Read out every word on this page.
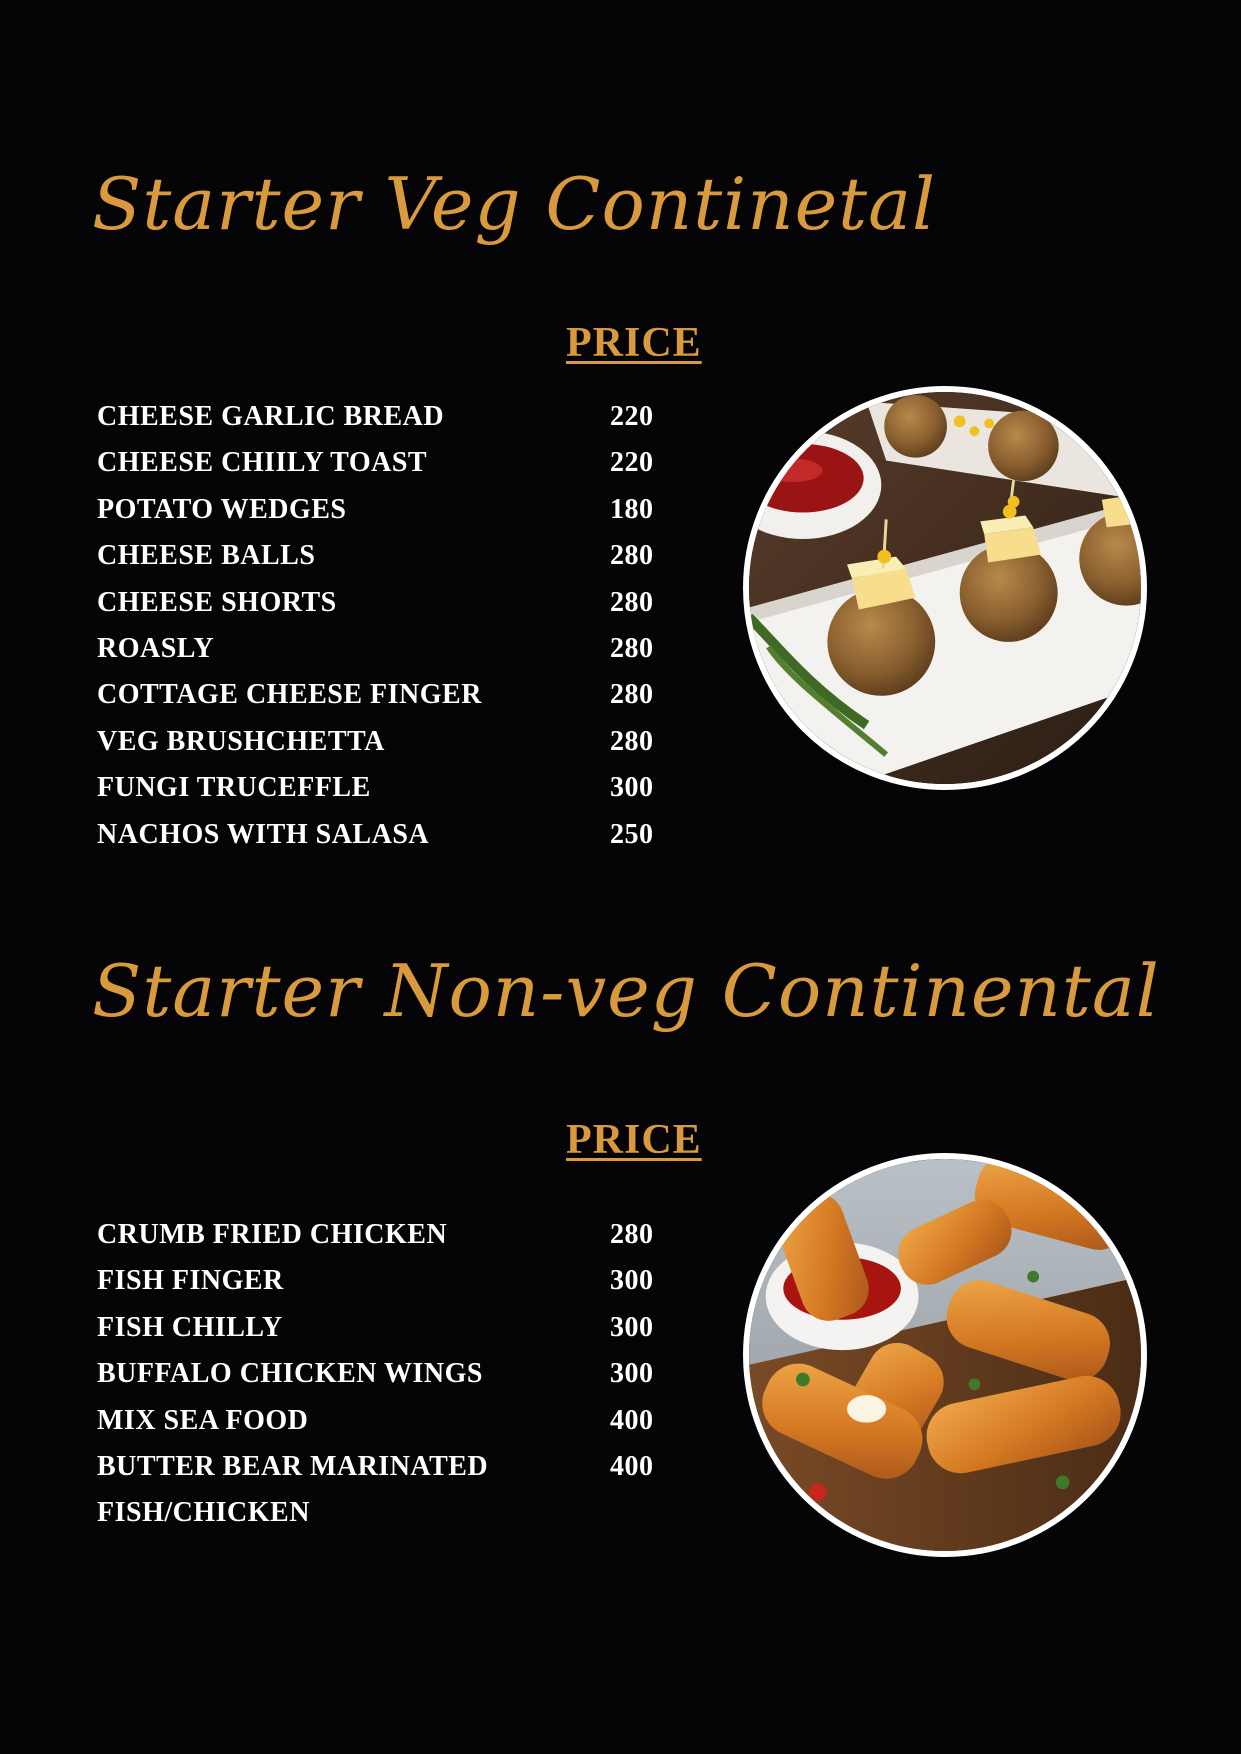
Starter Veg Continetal
PRICE
CHEESE GARLIC BREAD	220
CHEESE CHIILY TOAST	220
POTATO WEDGES	180
CHEESE BALLS	280
CHEESE SHORTS	280
ROASLY	280
COTTAGE CHEESE FINGER	280
VEG BRUSHCHETTA	280
FUNGI TRUCEFFLE	300
NACHOS WITH SALASA	250
Starter Non-veg Continental
PRICE
CRUMB FRIED CHICKEN	280
FISH FINGER	300
FISH CHILLY	300
BUFFALO CHICKEN WINGS	300
MIX SEA FOOD	400
BUTTER BEAR MARINATED	400
FISH/CHICKEN
